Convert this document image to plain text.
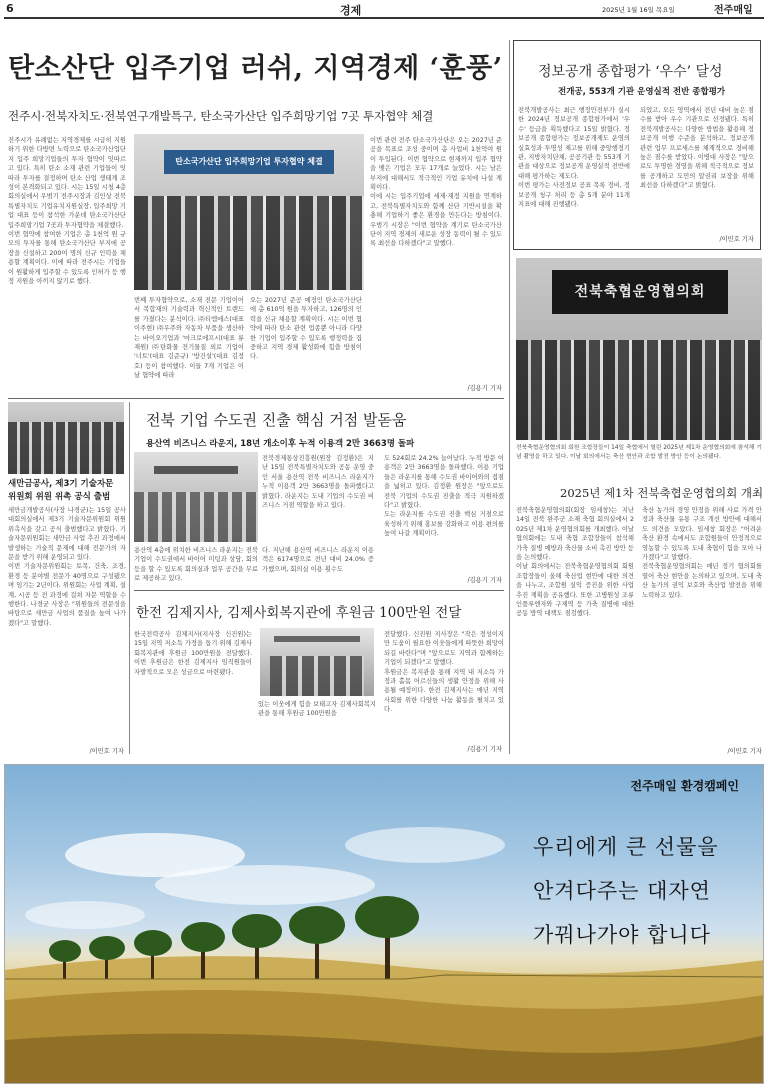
6	경제	2025년 1월 16일 목요일	전주매일
탄소산단 입주기업 러쉬, 지역경제 ‘훈풍’
전주시·전북자치도·전북연구개발특구, 탄소국가산단 입주희망기업 7곳 투자협약 체결
탄소국가산단 입주희망기업 투자협약 체결
전주시가 유례없는 지역경제를 시급히 지원하기 위한 다방면 노력으로 탄소국가산업단지 입주 희망기업들의 투자 협약이 잇따르고 있다. 특히 탄소 소재 관련 기업들이 잇따라 투자를 결정하며 탄소 산업 생태계 조성이 본격화되고 있다. 시는 15일 시청 4층 회의실에서 우범기 전주시장과 김인상 전북특별자치도 기업유치지원실장, 입주희망 기업 대표 등이 참석한 가운데 탄소국가산단 입주희망기업 7곳과 투자협약을 체결했다.
이번 협약에 참여한 기업은 총 1천억 원 규모의 투자를 통해 탄소국가산단 부지에 공장을 신설하고 200여 명의 신규 인력을 채용할 계획이다. 이에 따라 전주시는 기업들이 원활하게 입주할 수 있도록 인허가 등 행정 지원을 아끼지 않기로 했다.
번째 투자협약으로, 소재 전문 기업이어서 복합재의 기술력과 혁신적인 트렌드를 가졌다는 분석이다. ㈜티엠에스(대표 이주현) ㈜우주와 자동차 부품을 생산하는 바이오기업과 '마크로에프시(대표 류재원) ㈜탄화물 전기물질 외로 기업이 '너트'(대표 김준규) '방건설'(대표 김정호) 등이 참여했다. 이들 7개 기업은 이날 협약에 따라
오는 2027년 준공 예정인 탄소국가산단에 총 610억 원을 투자하고, 126명의 인력을 신규 채용할 계획이다. 시는 이번 협약에 따라 탄소 관련 업종뿐 아니라 다양한 기업이 입주할 수 있도록 행정력을 집중하고 지역 경제 활성화에 힘쓸 방침이다.
이번 관련 전주 탄소국가산단은 오는 2027년 준공을 목표로 조성 중이며 총 사업비 1천억여 원이 투입된다. 이번 협약으로 현재까지 입주 협약을 맺은 기업은 모두 17개로 늘었다. 시는 남은 부지에 대해서도 적극적인 기업 유치에 나설 계획이다.
이에 시는 입주기업에 세제·재정 지원을 연계하고, 전북특별자치도와 함께 산단 기반시설을 확충해 기업하기 좋은 환경을 만든다는 방침이다. 우범기 시장은 "이번 협약을 계기로 탄소국가산단이 지역 경제의 새로운 성장 동력이 될 수 있도록 최선을 다하겠다"고 말했다.
/김용기 기자
정보공개 종합평가 ‘우수’ 달성
전개공, 553개 기관 운영실적 전반 종합평가
전북개발공사는 최근 행정안전부가 실시한 2024년 정보공개 종합평가에서 '우수' 등급을 획득했다고 15일 밝혔다. 정보공개 종합평가는 정보공개제도 운영의 실효성과 투명성 제고를 위해 중앙행정기관, 지방자치단체, 공공기관 등 553개 기관을 대상으로 정보공개 운영실적 전반에 대해 평가하는 제도다.
이번 평가는 사전정보 공표 목록 정비, 정보공개 청구 처리 등 총 5개 분야 11개 지표에 대해 진행됐다.
되었고, 모든 영역에서 전년 대비 높은 점수를 받아 우수 기관으로 선정됐다. 특히 전북개발공사는 다양한 방법을 활용해 정보공개 이행 수준을 분석하고, 정보공개 관련 업무 프로세스를 체계적으로 정비해 높은 점수를 받았다. 이병대 사장은 "앞으로도 투명한 경영을 위해 적극적으로 정보를 공개하고 도민의 알권리 보장을 위해 최선을 다하겠다"고 밝혔다.
/이민호 기자
전북축협운영협의회
전북축협운영협의회 회원 조합장들이 14일 축협에서 열린 2025년 제1차 운영협의회에 참석해 기념 촬영을 하고 있다. 이날 회의에서는 축산 현안과 조합 발전 방안 등이 논의됐다.
2025년 제1차 전북축협운영협의회 개최
전북축협운영협의회(회장 임세창)는 지난 14일 전북 완주군 소재 축협 회의실에서 2025년 제1차 운영협의회를 개최했다. 이날 협의회에는 도내 축협 조합장들이 참석해 가축 질병 예방과 축산물 소비 촉진 방안 등을 논의했다.
이날 회의에서는 전북축협운영협의회 회원 조합장들이 올해 축산업 현안에 대한 의견을 나누고, 조합원 실익 증진을 위한 사업 추진 계획을 공유했다. 또한 고병원성 조류인플루엔자와 구제역 등 가축 질병에 대한 공동 방역 대책도 점검했다.
축산 농가의 경영 안정을 위해 사료 가격 안정과 축산물 유통 구조 개선 방안에 대해서도 의견을 모았다. 임세창 회장은 "어려운 축산 환경 속에서도 조합원들이 안정적으로 영농할 수 있도록 도내 축협이 힘을 모아 나가겠다"고 말했다.
전북축협운영협의회는 매년 정기 협의회를 열어 축산 현안을 논의하고 있으며, 도내 축산 농가의 권익 보호와 축산업 발전을 위해 노력하고 있다.
/이민호 기자
전북 기업 수도권 진출 핵심 거점 발돋움
용산역 비즈니스 라운지, 18년 개소이후 누적 이용객 2만 3663명 돌파
전북경제통상진흥원(원장 김정환)은 지난 15일 전북특별자치도와 공동 운영 중인 서울 용산역 전북 비즈니스 라운지가 누적 이용객 2만 3663명을 돌파했다고 밝혔다. 라운지는 도내 기업의 수도권 비즈니스 거점 역할을 하고 있다.
용산역 4층에 위치한 비즈니스 라운지는 전북 기업이 수도권에서 바이어 미팅과 상담, 회의 등을 할 수 있도록 회의실과 업무 공간을 무료로 제공하고 있다.
다. 지난해 용산역 비즈니스 라운지 이용객은 6174명으로 전년 대비 24.0% 증가했으며, 회의실 이용 횟수도
도 524회로 24.2% 늘어났다. 누적 방문 이용객은 2만 3663명을 돌파했다. 이용 기업들은 라운지를 통해 수도권 바이어와의 접점을 넓히고 있다. 김정환 원장은 "앞으로도 전북 기업의 수도권 진출을 적극 지원하겠다"고 밝혔다.
도는 라운지를 수도권 진출 핵심 거점으로 육성하기 위해 홍보를 강화하고 이용 편의를 높여 나갈 계획이다.
/김용기 기자
새만금공사, 제3기 기술자문 위원회 위원 위촉 공식 출범
새만금개발공사(사장 나경균)는 15일 공사 대회의실에서 제3기 기술자문위원회 위원 위촉식을 갖고 공식 출범했다고 밝혔다. 기술자문위원회는 새만금 사업 추진 과정에서 발생하는 기술적 문제에 대해 전문가의 자문을 받기 위해 운영되고 있다.
이번 기술자문위원회는 토목, 건축, 조경, 환경 등 분야별 전문가 40명으로 구성됐으며 임기는 2년이다. 위원회는 사업 계획, 설계, 시공 등 전 과정에 걸쳐 자문 역할을 수행한다. 나경균 사장은 "위원들의 전문성을 바탕으로 새만금 사업의 품질을 높여 나가겠다"고 말했다.
/이민호 기자
한전 김제지사, 김제사회복지관에 후원금 100만원 전달
한국전력공사 김제지사(지사장 신진원)는 15일 지역 저소득 가정을 돕기 위해 김제사회복지관에 후원금 100만원을 전달했다. 이번 후원금은 한전 김제지사 임직원들이 자발적으로 모은 성금으로 마련됐다.
있는 이웃에게 힘을 보태고자 김제사회복지관을 통해 후원금 100만원을
전달했다. 신진원 지사장은 "작은 정성이지만 도움이 필요한 이웃들에게 따뜻한 희망이 되길 바란다"며 "앞으로도 지역과 함께하는 기업이 되겠다"고 말했다.
후원금은 복지관을 통해 지역 내 저소득 가정과 홀몸 어르신들의 생활 안정을 위해 사용될 예정이다. 한전 김제지사는 매년 지역 사회를 위한 다양한 나눔 활동을 펼치고 있다.
/김용기 기자
전주매일 환경캠페인
우리에게 큰 선물을
안겨다주는 대자연
가꿔나가야 합니다
